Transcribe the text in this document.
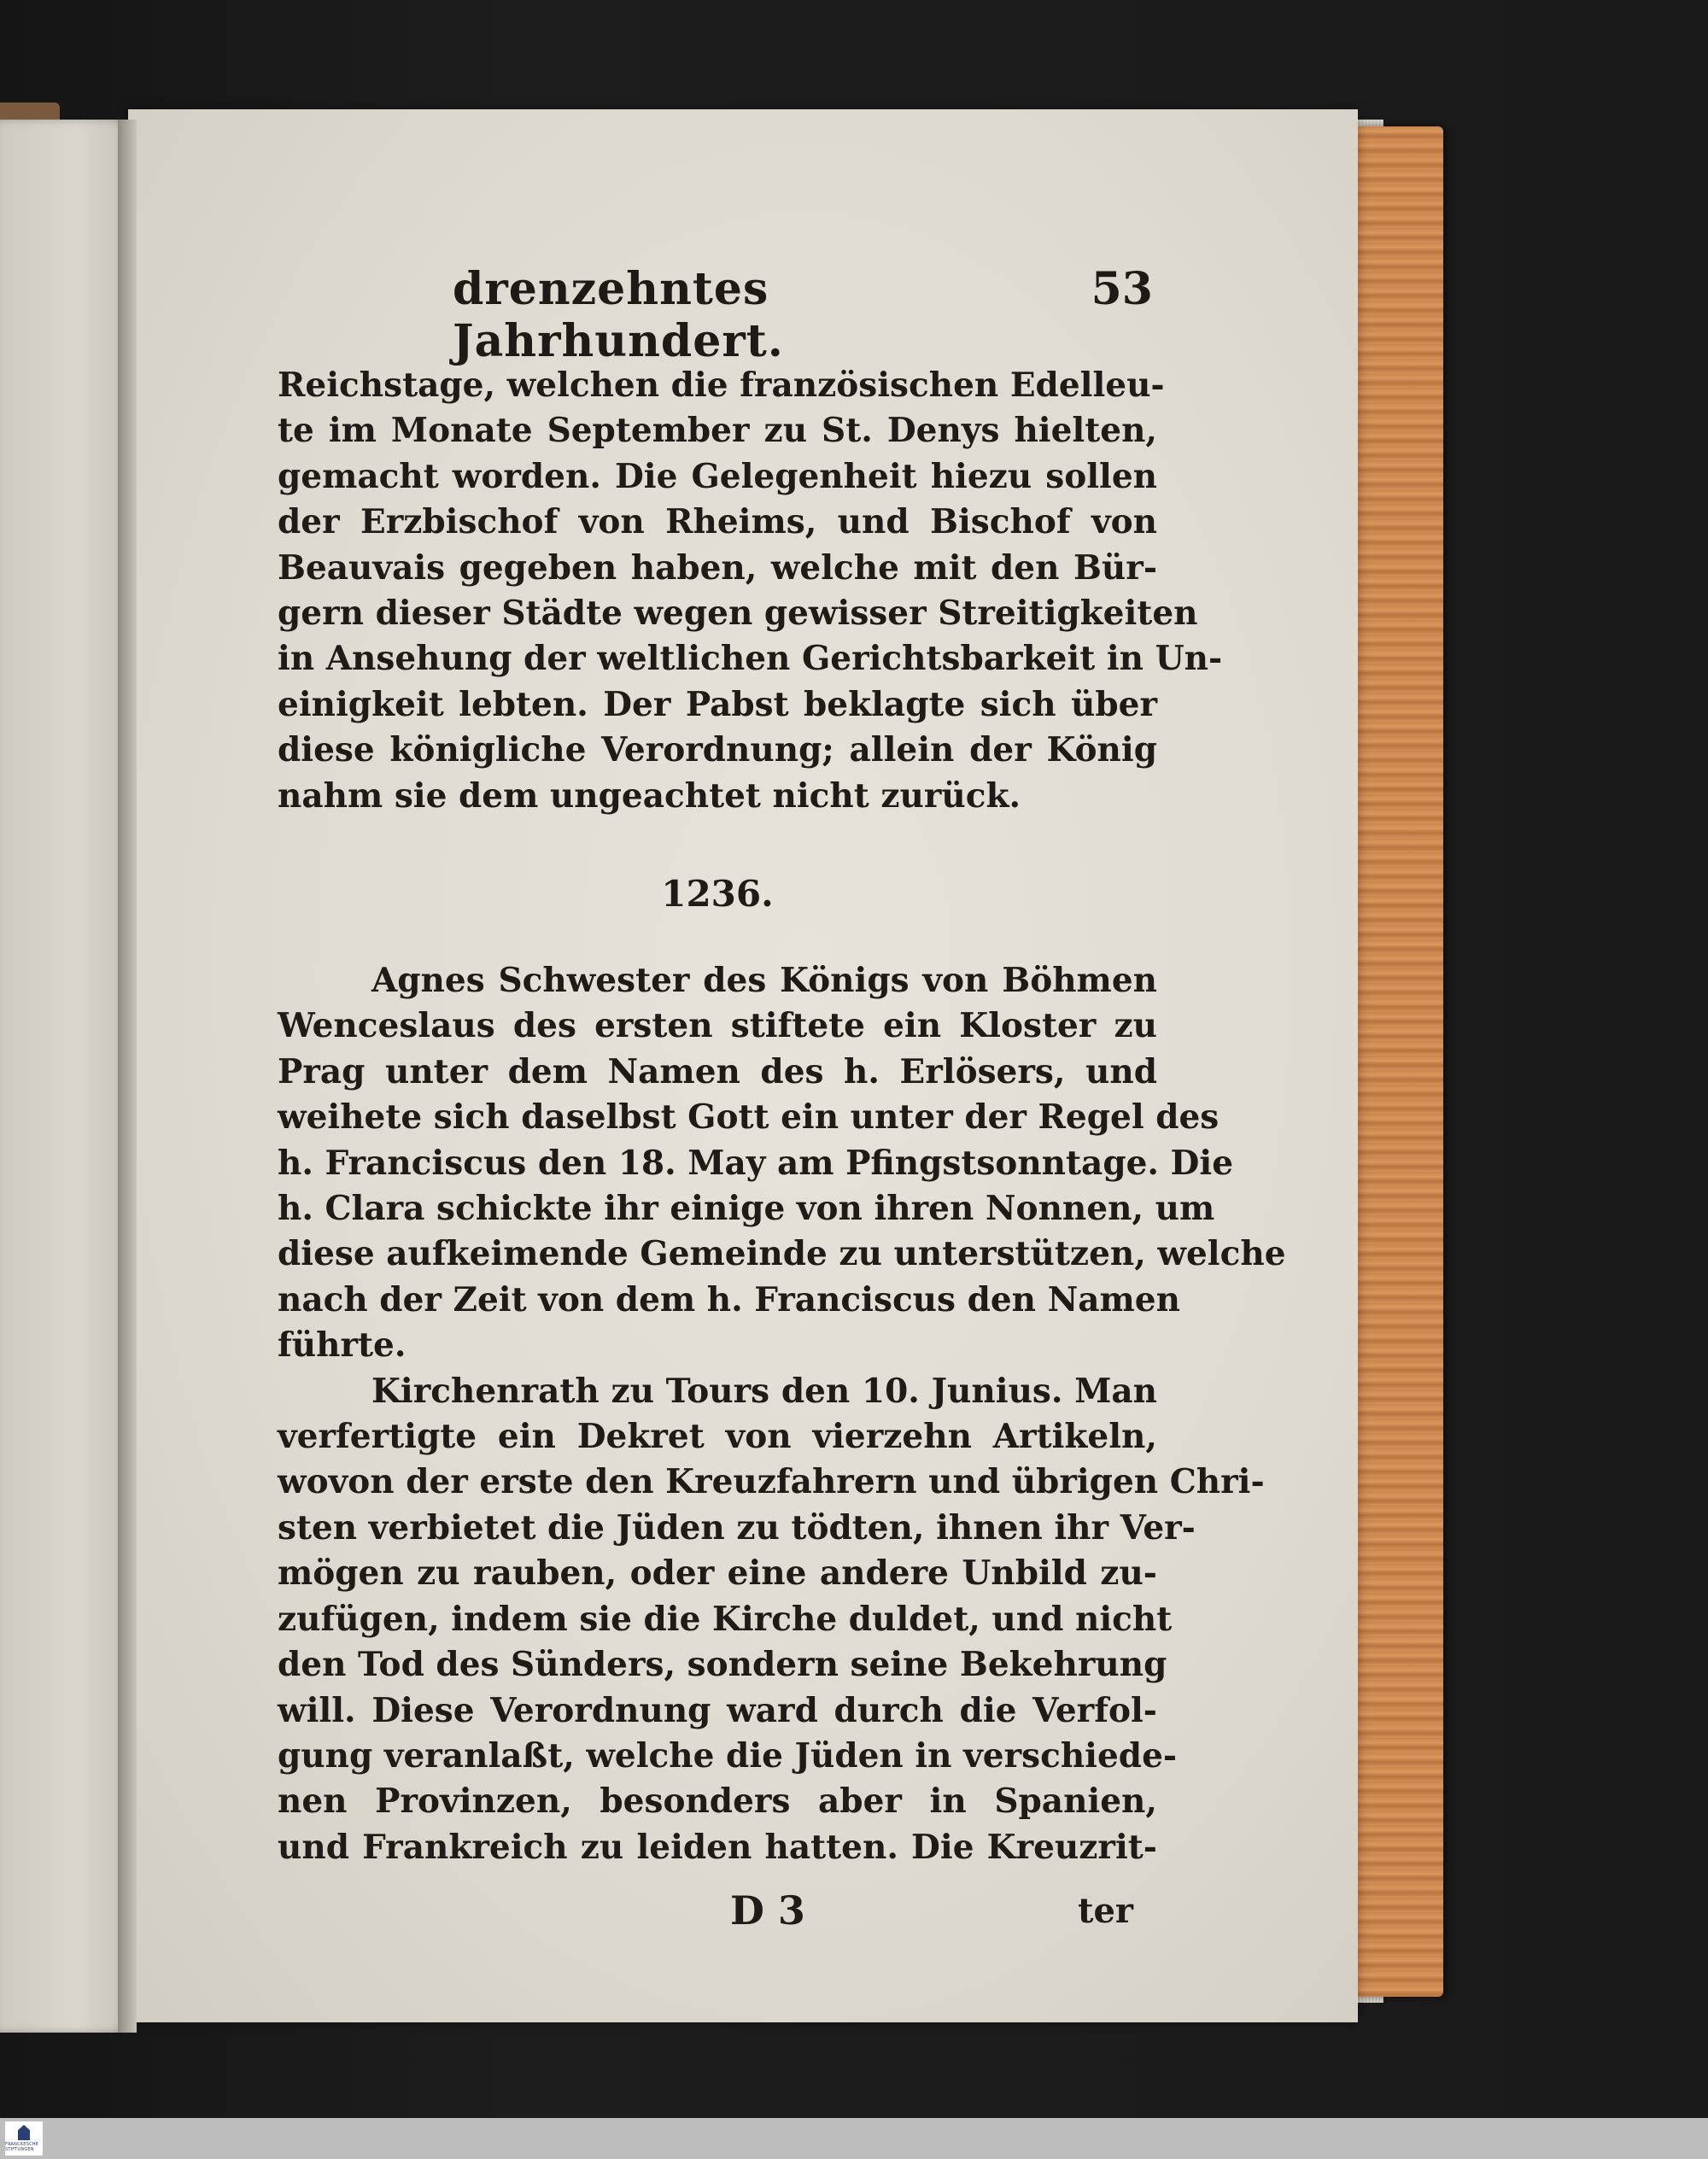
drenzehntes Jahrhundert.
53
Reichstage, welchen die französischen Edelleu-
te im Monate September zu St. Denys hielten,
gemacht worden. Die Gelegenheit hiezu sollen
der Erzbischof von Rheims, und Bischof von
Beauvais gegeben haben, welche mit den Bür-
gern dieser Städte wegen gewisser Streitigkeiten
in Ansehung der weltlichen Gerichtsbarkeit in Un-
einigkeit lebten. Der Pabst beklagte sich über
diese königliche Verordnung; allein der König
nahm sie dem ungeachtet nicht zurück.
1236.
Agnes Schwester des Königs von Böhmen
Wenceslaus des ersten stiftete ein Kloster zu
Prag unter dem Namen des h. Erlösers, und
weihete sich daselbst Gott ein unter der Regel des
h. Franciscus den 18. May am Pfingstsonntage. Die
h. Clara schickte ihr einige von ihren Nonnen, um
diese aufkeimende Gemeinde zu unterstützen, welche
nach der Zeit von dem h. Franciscus den Namen
führte.
Kirchenrath zu Tours den 10. Junius. Man
verfertigte ein Dekret von vierzehn Artikeln,
wovon der erste den Kreuzfahrern und übrigen Chri-
sten verbietet die Jüden zu tödten, ihnen ihr Ver-
mögen zu rauben, oder eine andere Unbild zu-
zufügen, indem sie die Kirche duldet, und nicht
den Tod des Sünders, sondern seine Bekehrung
will. Diese Verordnung ward durch die Verfol-
gung veranlaßt, welche die Jüden in verschiede-
nen Provinzen, besonders aber in Spanien,
und Frankreich zu leiden hatten. Die Kreuzrit-
D 3	ter
FRANCKESCHE STIFTUNGEN
